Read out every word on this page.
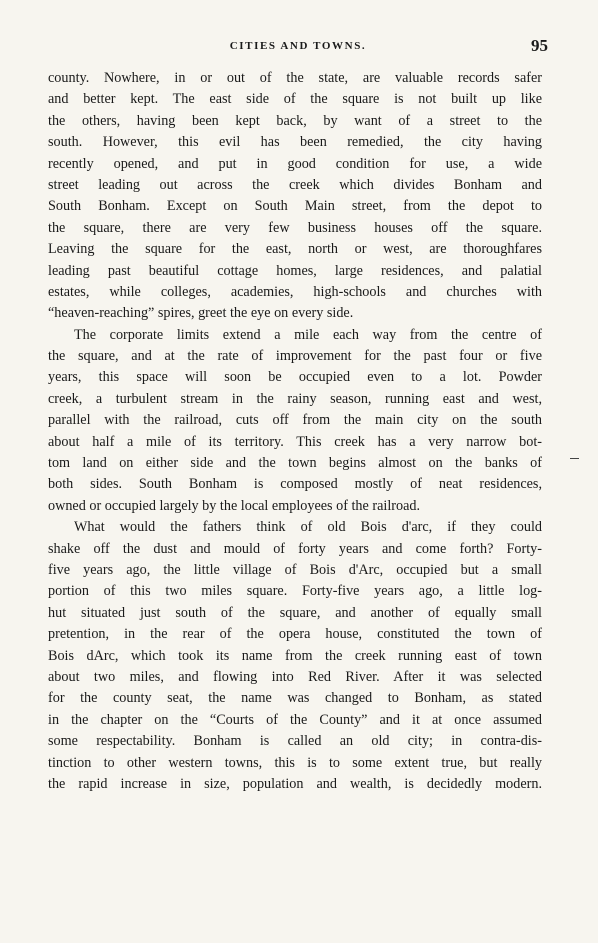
CITIES AND TOWNS.	95
county. Nowhere, in or out of the state, are valuable records safer
and better kept. The east side of the square is not built up like
the others, having been kept back, by want of a street to the
south. However, this evil has been remedied, the city having
recently opened, and put in good condition for use, a wide
street leading out across the creek which divides Bonham and
South Bonham. Except on South Main street, from the depot to
the square, there are very few business houses off the square.
Leaving the square for the east, north or west, are thoroughfares
leading past beautiful cottage homes, large residences, and palatial
estates, while colleges, academies, high-schools and churches with
“heaven-reaching” spires, greet the eye on every side.
The corporate limits extend a mile each way from the centre of
the square, and at the rate of improvement for the past four or five
years, this space will soon be occupied even to a lot. Powder
creek, a turbulent stream in the rainy season, running east and west,
parallel with the railroad, cuts off from the main city on the south
about half a mile of its territory. This creek has a very narrow bot-
tom land on either side and the town begins almost on the banks of
both sides. South Bonham is composed mostly of neat residences,
owned or occupied largely by the local employees of the railroad.
What would the fathers think of old Bois d'arc, if they could
shake off the dust and mould of forty years and come forth? Forty-
five years ago, the little village of Bois d'Arc, occupied but a small
portion of this two miles square. Forty-five years ago, a little log-
hut situated just south of the square, and another of equally small
pretention, in the rear of the opera house, constituted the town of
Bois dArc, which took its name from the creek running east of town
about two miles, and flowing into Red River. After it was selected
for the county seat, the name was changed to Bonham, as stated
in the chapter on the “Courts of the County” and it at once assumed
some respectability. Bonham is called an old city; in contra-dis-
tinction to other western towns, this is to some extent true, but really
the rapid increase in size, population and wealth, is decidedly modern.
